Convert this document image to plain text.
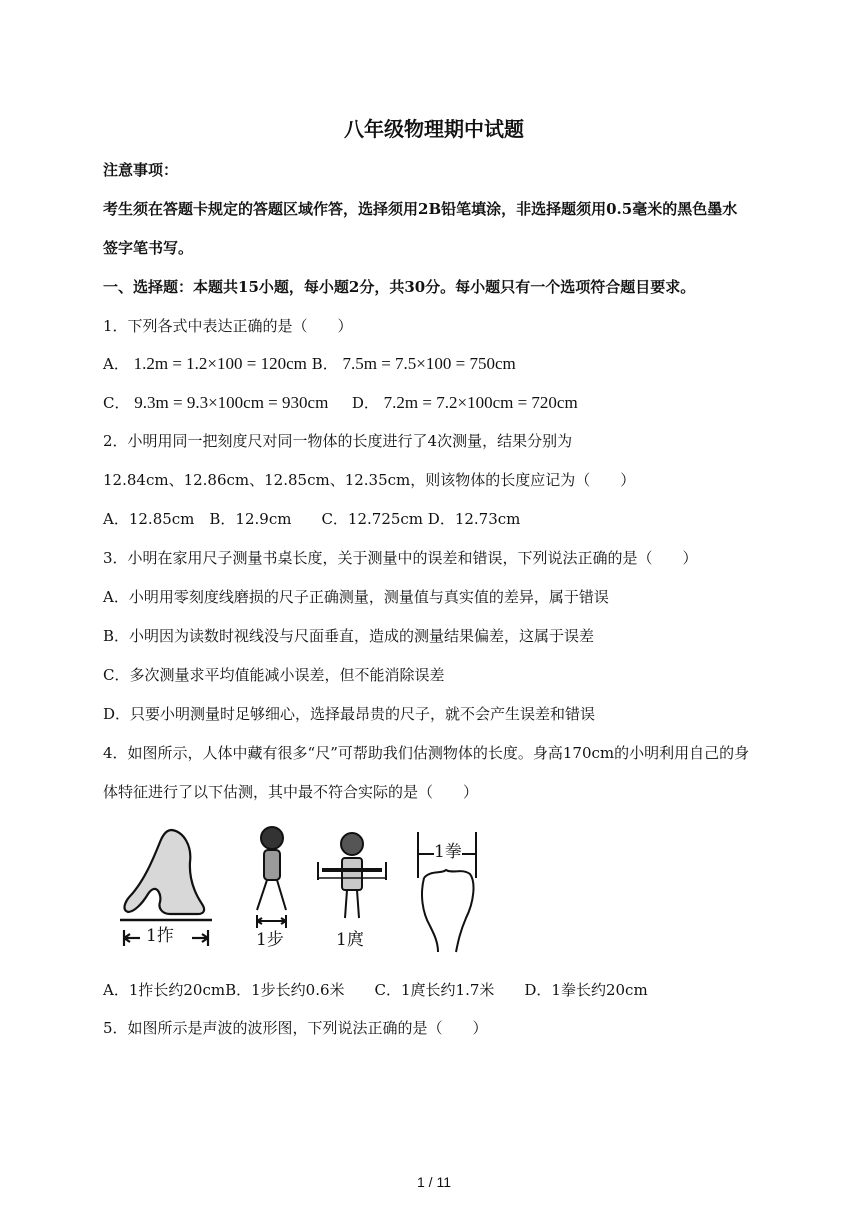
八年级物理期中试题
注意事项：
考生须在答题卡规定的答题区域作答，选择须用2B铅笔填涂，非选择题须用0.5毫米的黑色墨水
签字笔书写。
一、选择题：本题共15小题，每小题2分，共30分。每小题只有一个选项符合题目要求。
1．下列各式中表达正确的是（　　）
A． 1.2m = 1.2×100 = 120cm B． 7.5m = 7.5×100 = 750cm
C． 9.3m = 9.3×100cm = 930cm D． 7.2m = 7.2×100cm = 720cm
2．小明用同一把刻度尺对同一物体的长度进行了4次测量，结果分别为
12.84cm、12.86cm、12.85cm、12.35cm，则该物体的长度应记为（　　）
A．12.85cm　B．12.9cm　　C．12.725cm D．12.73cm
3．小明在家用尺子测量书桌长度，关于测量中的误差和错误，下列说法正确的是（　　）
A．小明用零刻度线磨损的尺子正确测量，测量值与真实值的差异，属于错误
B．小明因为读数时视线没与尺面垂直，造成的测量结果偏差，这属于误差
C．多次测量求平均值能减小误差，但不能消除误差
D．只要小明测量时足够细心，选择最昂贵的尺子，就不会产生误差和错误
4．如图所示，人体中藏有很多“尺”可帮助我们估测物体的长度。身高170cm的小明利用自己的身
体特征进行了以下估测，其中最不符合实际的是（　　）
1拃	1步	1庹
1拳
A．1拃长约20cmB．1步长约0.6米　　C．1庹长约1.7米　　D．1拳长约20cm
5．如图所示是声波的波形图，下列说法正确的是（　　）
1 / 11
